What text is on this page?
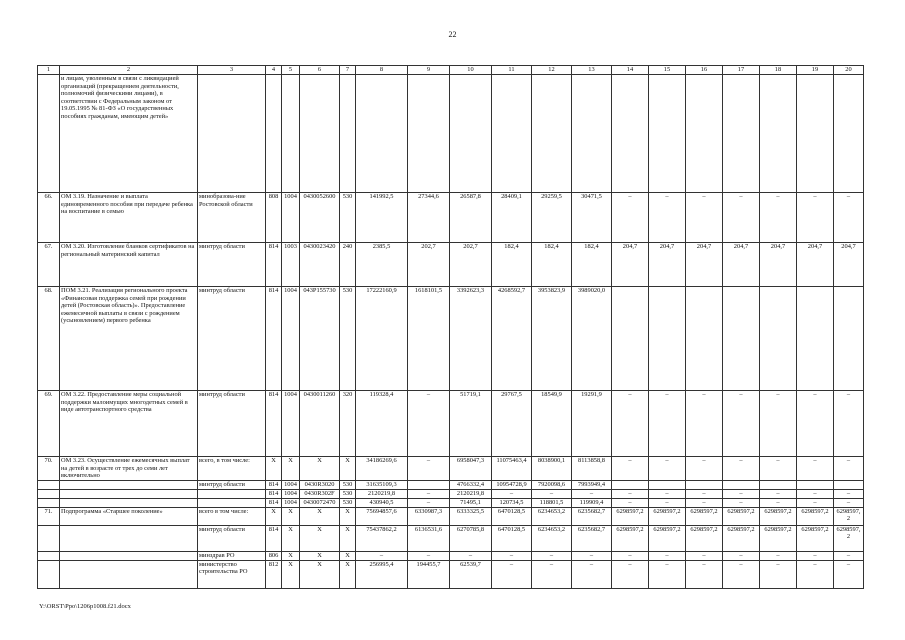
22
1	2	3	4	5	6	7	8	9	10	11	12	13	14	15	16	17	18	19	20
	и лицам, уволенным в связи с ликвидацией организаций (прекращением деятельности, полномочий физическими лицами), в соответствии с Федеральным законом от 19.05.1995 № 81-ФЗ «О государственных пособиях гражданам, имеющим детей»																		
66.	ОМ 3.19. Назначение и выплата единовременного пособия при передаче ребенка на воспитание в семью	минобразова-ние Ростовской области	808	1004	0430052600	530	141992,5	27344,6	26587,8	28409,1	29259,5	30471,5	–	–	–	–	–	–	–
67.	ОМ 3.20. Изготовление бланков сертификатов на региональный материнский капитал	минтруд области	814	1003	0430023420	240	2385,5	202,7	202,7	182,4	182,4	182,4	204,7	204,7	204,7	204,7	204,7	204,7	204,7
68.	ПОМ 3.21. Реализация регионального проекта «Финансовая поддержка семей при рождении детей (Ростовская область)». Предоставление ежемесячной выплаты в связи с рождением (усыновлением) первого ребенка	минтруд области	814	1004	043P155730	530	17222160,9	1618101,5	3392623,3	4268592,7	3953823,9	3989020,0							
69.	ОМ 3.22. Предоставление меры социальной поддержки малоимущих многодетных семей в виде автотранспортного средства	минтруд области	814	1004	0430011260	320	119328,4	–	51719,1	29767,5	18549,9	19291,9	–	–	–	–	–	–	–
70.	ОМ 3.23. Осуществление ежемесячных выплат на детей в возрасте от трех до семи лет включительно	всего, в том числе:	X	X	X	X	34186269,6	–	6958047,3	11075463,4	8038900,1	8113858,8	–	–	–	–	–	–	–
		минтруд области	814	1004	0430R3020	530	31635109,3		4766332,4	10954728,9	7920098,6	7993949,4							
			814	1004	0430R302F	530	2120219,8	–	2120219,8	–	–	–	–	–	–	–	–	–	–
			814	1004	0430072470	530	430940,5	–	71495,1	120734,5	118801,5	119909,4	–	–	–	–	–	–	–
71.	Подпрограмма «Старшее поколение»	всего в том числе:	X	X	X	X	75694857,6	6330987,3	6333325,5	6470128,5	6234653,2	6235682,7	6298597,2	6298597,2	6298597,2	6298597,2	6298597,2	6298597,2	6298597,2
		минтруд области	814	X	X	X	75437862,2	6136531,6	6270785,8	6470128,5	6234653,2	6235682,7	6298597,2	6298597,2	6298597,2	6298597,2	6298597,2	6298597,2	6298597,2
		минздрав РО	806	X	X	X	–	–	–	–	–	–	–	–	–	–	–	–	–
		министерство строительства РО	812	X	X	X	256995,4	194455,7	62539,7	–	–	–	–	–	–	–	–	–	–
Y:\ORST\Ppo\1206p1008.f21.docx
